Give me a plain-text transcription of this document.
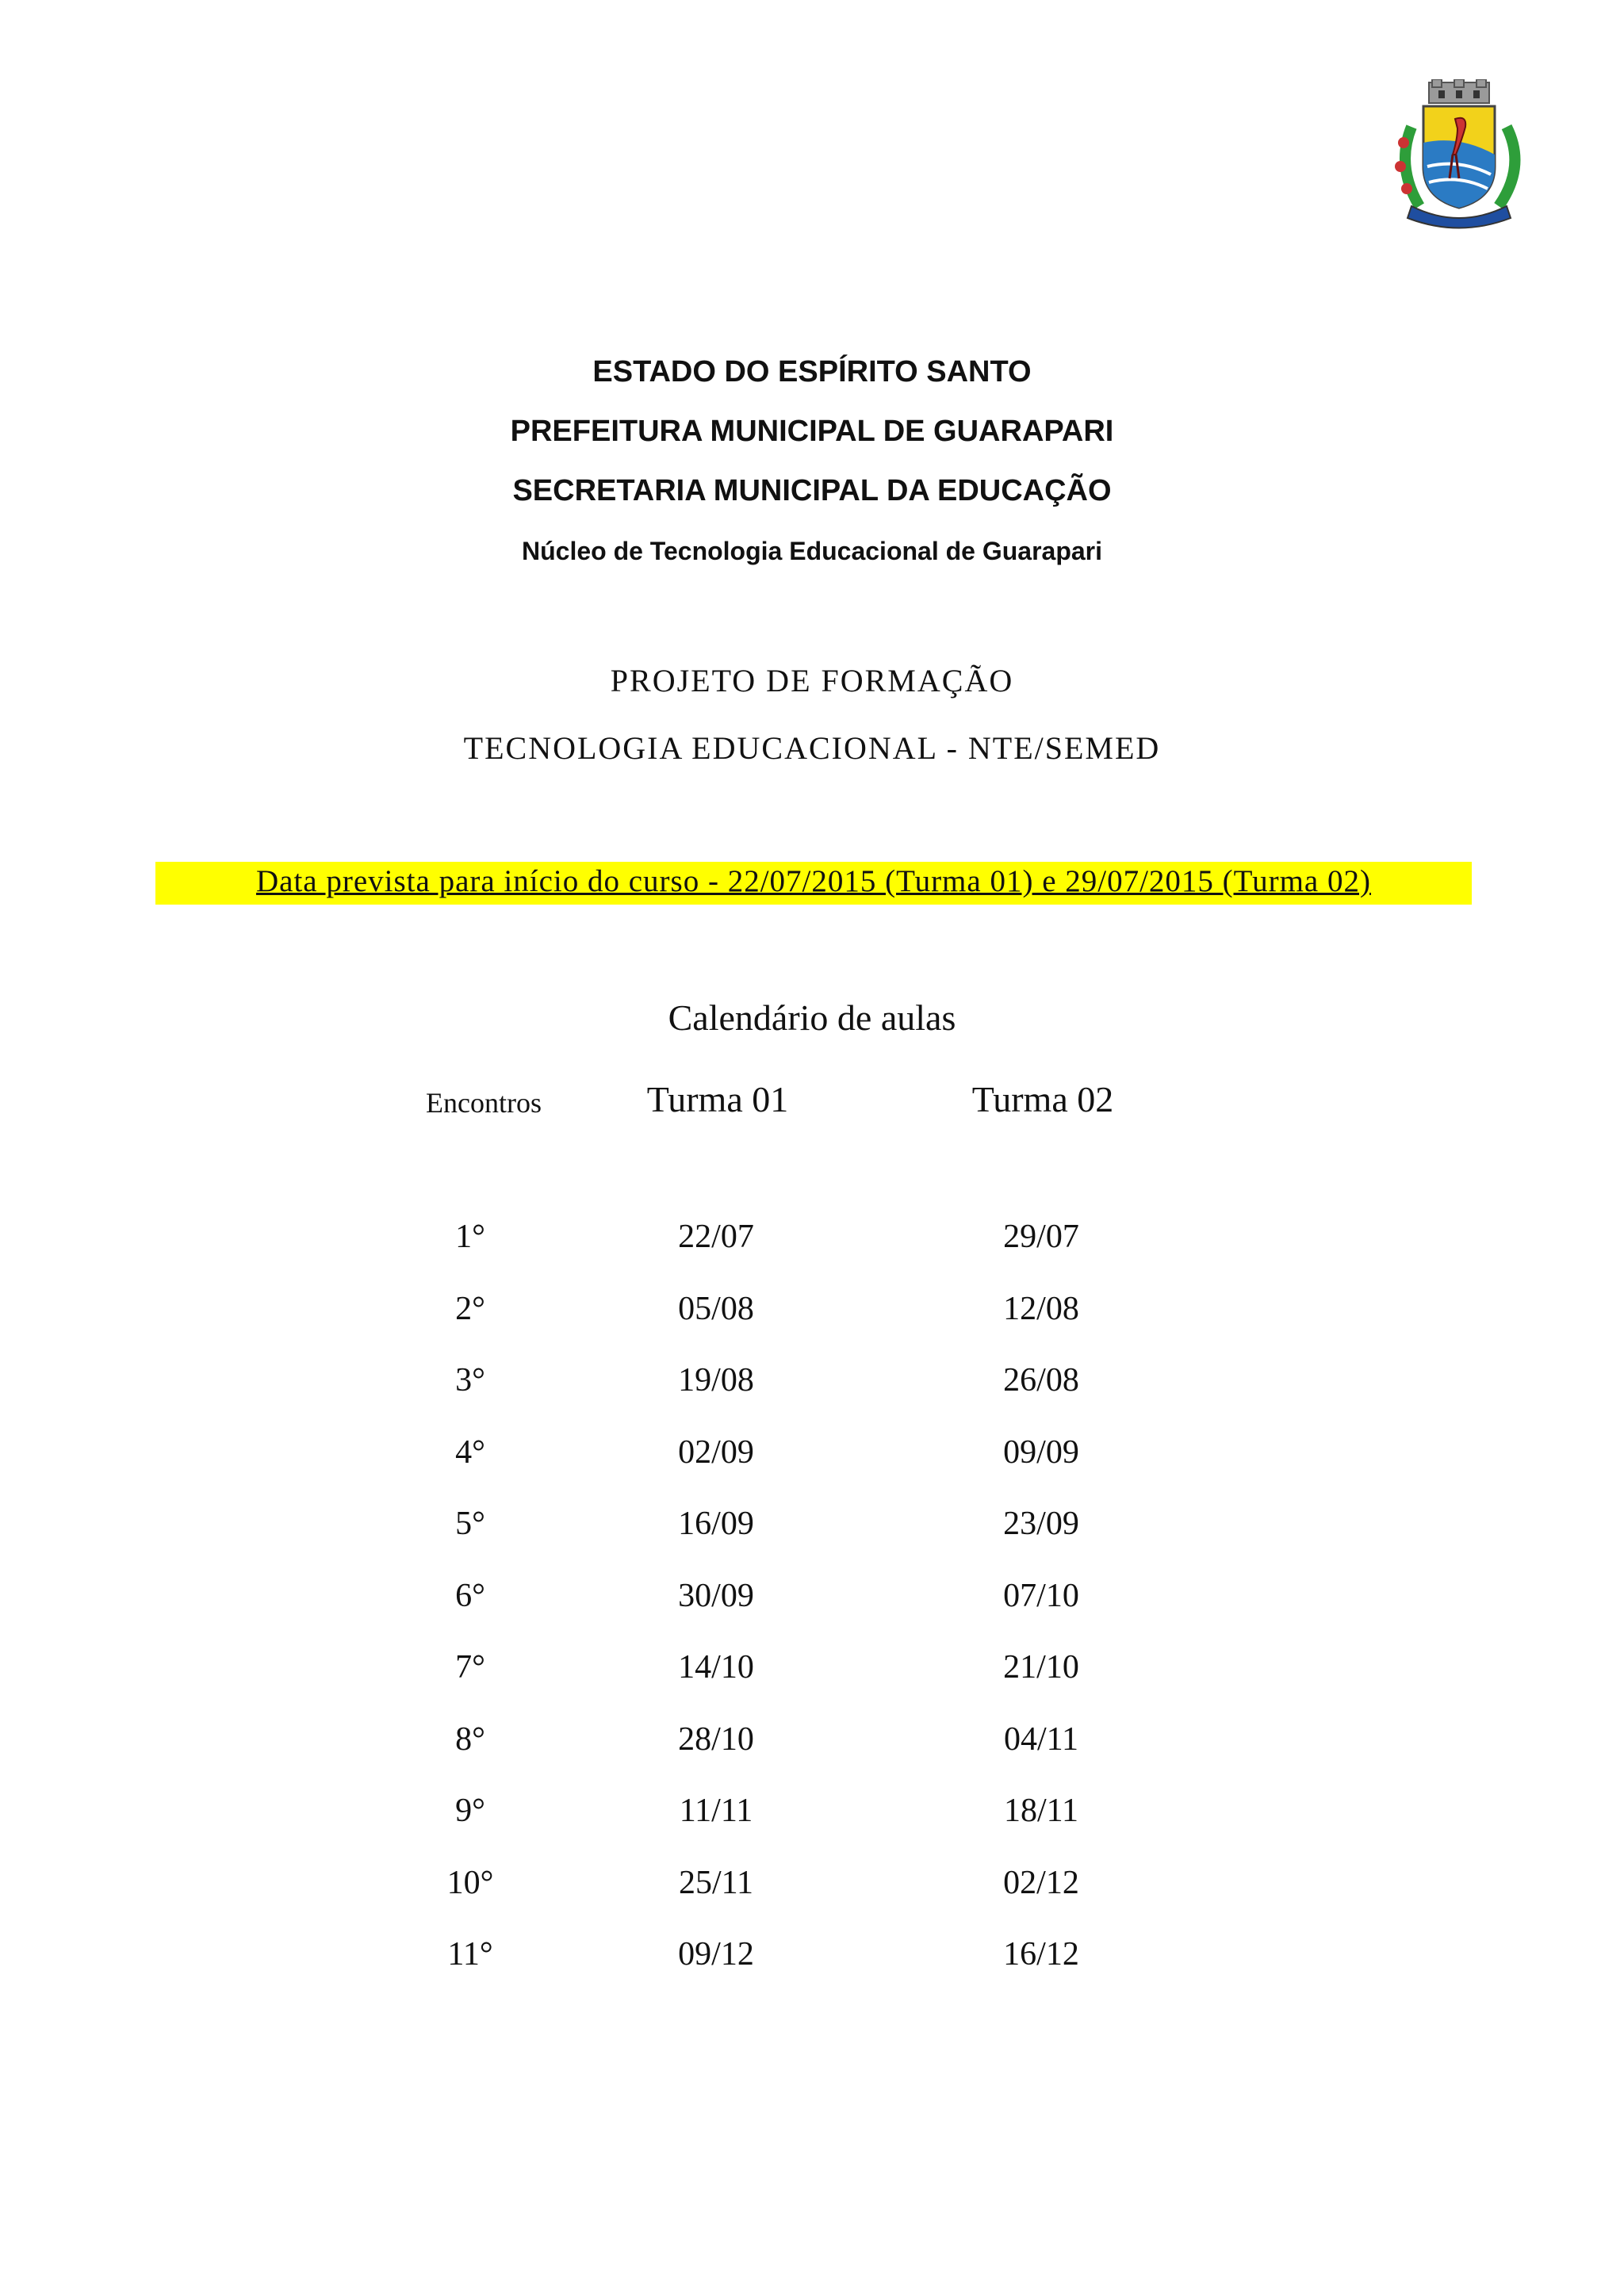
ESTADO DO ESPÍRITO SANTO
PREFEITURA MUNICIPAL DE GUARAPARI
SECRETARIA MUNICIPAL DA EDUCAÇÃO
Núcleo de Tecnologia Educacional de Guarapari
PROJETO DE FORMAÇÃO
TECNOLOGIA EDUCACIONAL - NTE/SEMED
Data prevista para início do curso - 22/07/2015 (Turma 01) e 29/07/2015 (Turma 02)
Calendário de aulas
Encontros	Turma 01	Turma 02
1°	22/07	29/07
2°	05/08	12/08
3°	19/08	26/08
4°	02/09	09/09
5°	16/09	23/09
6°	30/09	07/10
7°	14/10	21/10
8°	28/10	04/11
9°	11/11	18/11
10°	25/11	02/12
11°	09/12	16/12
